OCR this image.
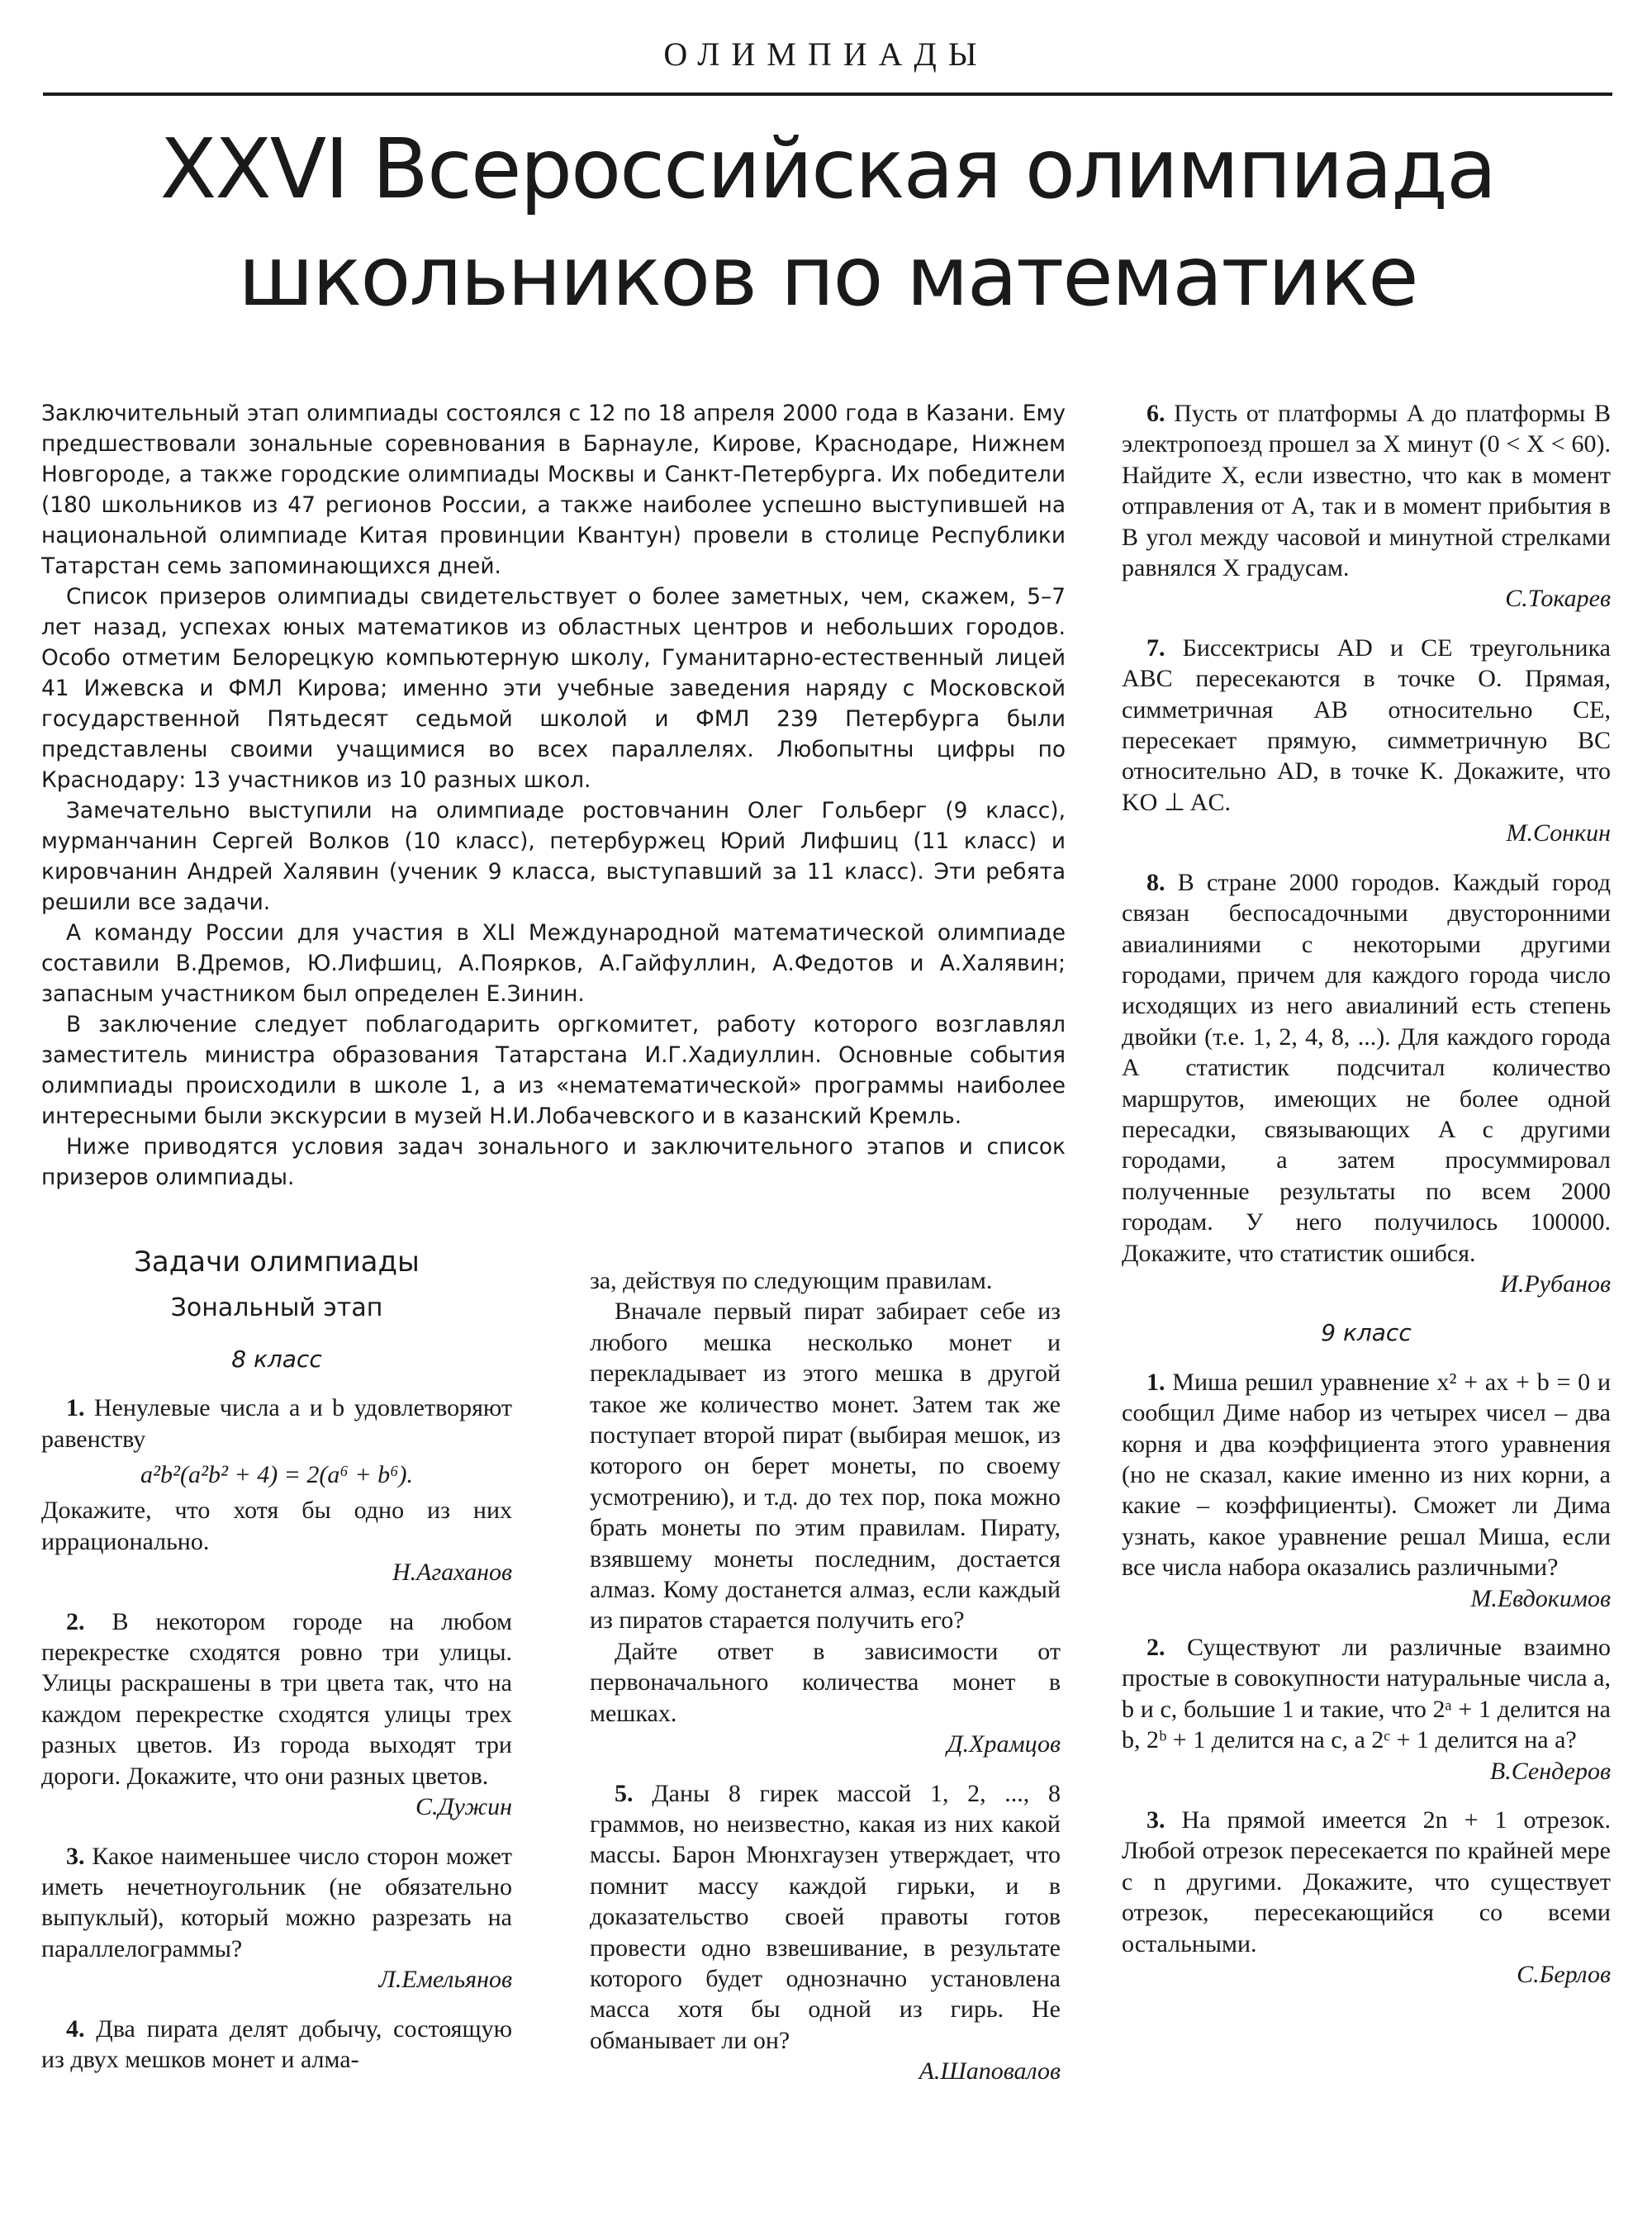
ОЛИМПИАДЫ
XXVI Всероссийская олимпиада
школьников по математике

Заключительный этап олимпиады состоялся с 12 по 18 апреля 2000 года в Казани. Ему предшествовали зональные соревнования в Барнауле, Кирове, Краснодаре, Нижнем Новгороде, а также городские олимпиады Москвы и Санкт-Петербурга. Их победители (180 школьников из 47 регионов России, а также наиболее успешно выступившей на национальной олимпиаде Китая провинции Квантун) провели в столице Республики Татарстан семь запоминающихся дней.

Список призеров олимпиады свидетельствует о более заметных, чем, скажем, 5–7 лет назад, успехах юных математиков из областных центров и небольших городов. Особо отметим Белорецкую компьютерную школу, Гуманитарно-естественный лицей 41 Ижевска и ФМЛ Кирова; именно эти учебные заведения наряду с Московской государственной Пятьдесят седьмой школой и ФМЛ 239 Петербурга были представлены своими учащимися во всех параллелях. Любопытны цифры по Краснодару: 13 участников из 10 разных школ.

Замечательно выступили на олимпиаде ростовчанин Олег Гольберг (9 класс), мурманчанин Сергей Волков (10 класс), петербуржец Юрий Лифшиц (11 класс) и кировчанин Андрей Халявин (ученик 9 класса, выступавший за 11 класс). Эти ребята решили все задачи.

А команду России для участия в XLI Международной математической олимпиаде составили В.Дремов, Ю.Лифшиц, А.Поярков, А.Гайфуллин, А.Федотов и А.Халявин; запасным участником был определен Е.Зинин.

В заключение следует поблагодарить оргкомитет, работу которого возглавлял заместитель министра образования Татарстана И.Г.Хадиуллин. Основные события олимпиады происходили в школе 1, а из «нематематической» программы наиболее интересными были экскурсии в музей Н.И.Лобачевского и в казанский Кремль.

Ниже приводятся условия задач зонального и заключительного этапов и список призеров олимпиады.

Задачи олимпиады

Зональный этап

8 класс

1. Ненулевые числа a и b удовлетворяют равенству

a²b²(a²b² + 4) = 2(a⁶ + b⁶).

Докажите, что хотя бы одно из них иррационально.

Н.Агаханов

2. В некотором городе на любом перекрестке сходятся ровно три улицы. Улицы раскрашены в три цвета так, что на каждом перекрестке сходятся улицы трех разных цветов. Из города выходят три дороги. Докажите, что они разных цветов.

С.Дужин

3. Какое наименьшее число сторон может иметь нечетноугольник (не обязательно выпуклый), который можно разрезать на параллелограммы?

Л.Емельянов

4. Два пирата делят добычу, состоящую из двух мешков монет и алма-

за, действуя по следующим правилам.

Вначале первый пират забирает себе из любого мешка несколько монет и перекладывает из этого мешка в другой такое же количество монет. Затем так же поступает второй пират (выбирая мешок, из которого он берет монеты, по своему усмотрению), и т.д. до тех пор, пока можно брать монеты по этим правилам. Пирату, взявшему монеты последним, достается алмаз. Кому достанется алмаз, если каждый из пиратов старается получить его?

Дайте ответ в зависимости от первоначального количества монет в мешках.

Д.Храмцов

5. Даны 8 гирек массой 1, 2, ..., 8 граммов, но неизвестно, какая из них какой массы. Барон Мюнхгаузен утверждает, что помнит массу каждой гирьки, и в доказательство своей правоты готов провести одно взвешивание, в результате которого будет однозначно установлена масса хотя бы одной из гирь. Не обманывает ли он?

А.Шаповалов

6. Пусть от платформы A до платформы B электропоезд прошел за X минут (0 < X < 60). Найдите X, если известно, что как в момент отправления от A, так и в момент прибытия в B угол между часовой и минутной стрелками равнялся X градусам.

С.Токарев

7. Биссектрисы AD и CE треугольника ABC пересекаются в точке O. Прямая, симметричная AB относительно CE, пересекает прямую, симметричную BC относительно AD, в точке K. Докажите, что KO ⊥ AC.

М.Сонкин

8. В стране 2000 городов. Каждый город связан беспосадочными двусторонними авиалиниями с некоторыми другими городами, причем для каждого города число исходящих из него авиалиний есть степень двойки (т.е. 1, 2, 4, 8, ...). Для каждого города A статистик подсчитал количество маршрутов, имеющих не более одной пересадки, связывающих A с другими городами, а затем просуммировал полученные результаты по всем 2000 городам. У него получилось 100000. Докажите, что статистик ошибся.

И.Рубанов

9 класс

1. Миша решил уравнение x² + ax + b = 0 и сообщил Диме набор из четырех чисел – два корня и два коэффициента этого уравнения (но не сказал, какие именно из них корни, а какие – коэффициенты). Сможет ли Дима узнать, какое уравнение решал Миша, если все числа набора оказались различными?

М.Евдокимов

2. Существуют ли различные взаимно простые в совокупности натуральные числа a, b и c, большие 1 и такие, что 2ᵃ + 1 делится на b, 2ᵇ + 1 делится на c, а 2ᶜ + 1 делится на a?

В.Сендеров

3. На прямой имеется 2n + 1 отрезок. Любой отрезок пересекается по крайней мере с n другими. Докажите, что существует отрезок, пересекающийся со всеми остальными.

С.Берлов
